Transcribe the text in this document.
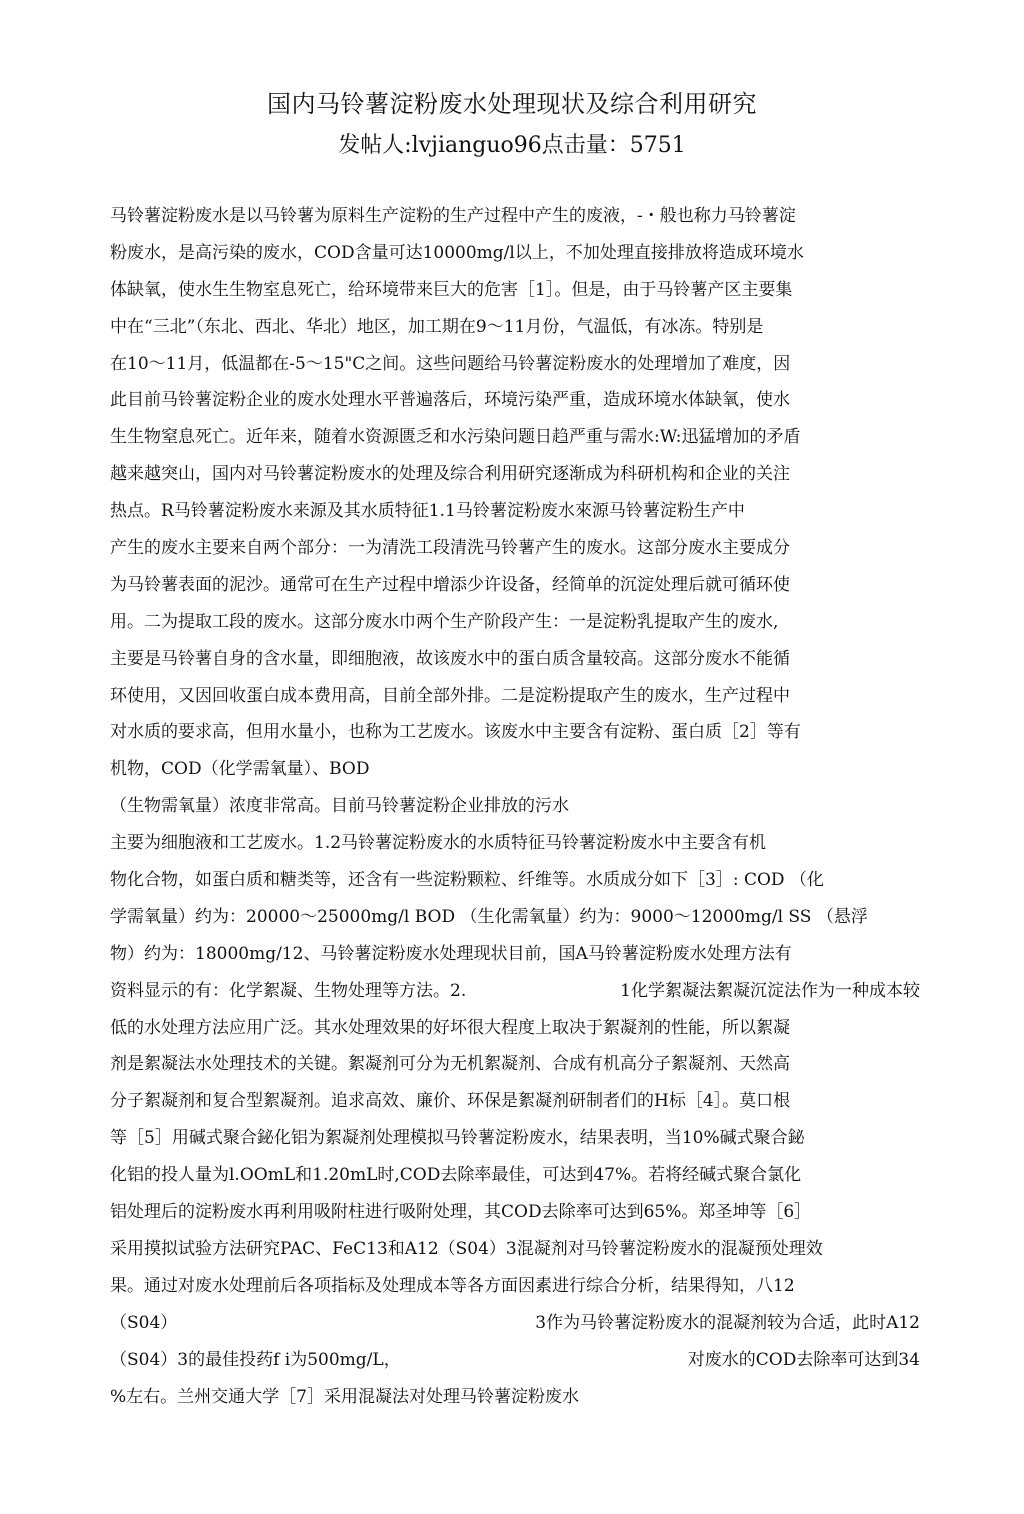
国内马铃薯淀粉废水处理现状及综合利用研究
发帖人:lvjianguo96点击量：5751
马铃薯淀粉废水是以马铃薯为原料生产淀粉的生产过程中产生的废液，-・般也称力马铃薯淀
粉废水，是高污染的废水，COD含量可达10000mg/l以上，不加处理直接排放将造成环境水
体缺氧，使水生生物室息死亡，给环境带来巨大的危害［1］。但是，由于马铃薯产区主要集
中在“三北”（东北、西北、华北）地区，加工期在9～11月份，气温低，有冰冻。特别是
在10～11月，低温都在-5～15"C之间。这些问题给马铃薯淀粉废水的处理增加了难度，因
此目前马铃薯淀粉企业的废水处理水平普遍落后，环境污染严重，造成环境水体缺氧，使水
生生物窒息死亡。近年来，随着水资源匮乏和水污染问题日趋严重与需水:W:迅猛增加的矛盾
越来越突山，国内对马铃薯淀粉废水的处理及综合利用研究逐渐成为科研机构和企业的关注
热点。R马铃薯淀粉废水来源及其水质特征1.1马铃薯淀粉废水來源马铃薯淀粉生产中
产生的废水主要来自两个部分：一为清洗工段清洗马铃薯产生的废水。这部分废水主要成分
为马铃薯表面的泥沙。通常可在生产过程中增添少许设备，经简单的沉淀处理后就可循环使
用。二为提取工段的废水。这部分废水巾两个生产阶段产生：一是淀粉乳提取产生的废水,
主要是马铃薯自身的含水量，即细胞液，故该废水中的蛋白质含量较高。这部分废水不能循
环使用，又因回收蛋白成本费用高，目前全部外排。二是淀粉提取产生的废水，生产过程中
对水质的要求高，但用水量小，也称为工艺废水。该废水中主要含有淀粉、蛋白质［2］等有
机物，COD（化学需氧量）、BOD
（生物需氧量）浓度非常高。目前马铃薯淀粉企业排放的污水
主要为细胞液和工艺废水。1.2马铃薯淀粉废水的水质特征马铃薯淀粉废水中主要含有机
物化合物，如蛋白质和糖类等，还含有一些淀粉颗粒、纤维等。水质成分如下［3］: COD （化
学需氧量）约为：20000～25000mg/l BOD （生化需氧量）约为：9000～12000mg/l SS （悬浮
物）约为：18000mg/12、马铃薯淀粉废水处理现状目前，国A马铃薯淀粉废水处理方法有
资料显示的有：化学絮凝、生物处理等方法。2.	1化学絮凝法絮凝沉淀法作为一种成本较
低的水处理方法应用广泛。其水处理效果的好坏很大程度上取决于絮凝剂的性能，所以絮凝
剂是絮凝法水处理技术的关键。絮凝剂可分为无机絮凝剂、合成有机高分子絮凝剂、天然高
分子絮凝剂和复合型絮凝剂。追求高效、廉价、环保是絮凝剂研制者们的H标［4］。莫口根
等［5］用碱式聚合鉍化铝为絮凝剂处理模拟马铃薯淀粉废水，结果表明，当10%碱式聚合鉍
化铝的投人量为l.OOmL和1.20mL时,COD去除率最佳，可达到47%。若将经碱式聚合氯化
铝处理后的淀粉废水再利用吸附柱进行吸附处理，其COD去除率可达到65%。郑圣坤等［6］
采用摸拟试验方法研究PAC、FeC13和A12（S04）3混凝剂对马铃薯淀粉废水的混凝预处理效
果。通过对废水处理前后各项指标及处理成本等各方面因素进行综合分析，结果得知，八12
（S04）	3作为马铃薯淀粉废水的混凝剂较为合适，此时A12
（S04）3的最佳投药f i为500mg/L，	对废水的COD去除率可达到34
%左右。兰州交通大学［7］采用混凝法对处理马铃薯淀粉废水
